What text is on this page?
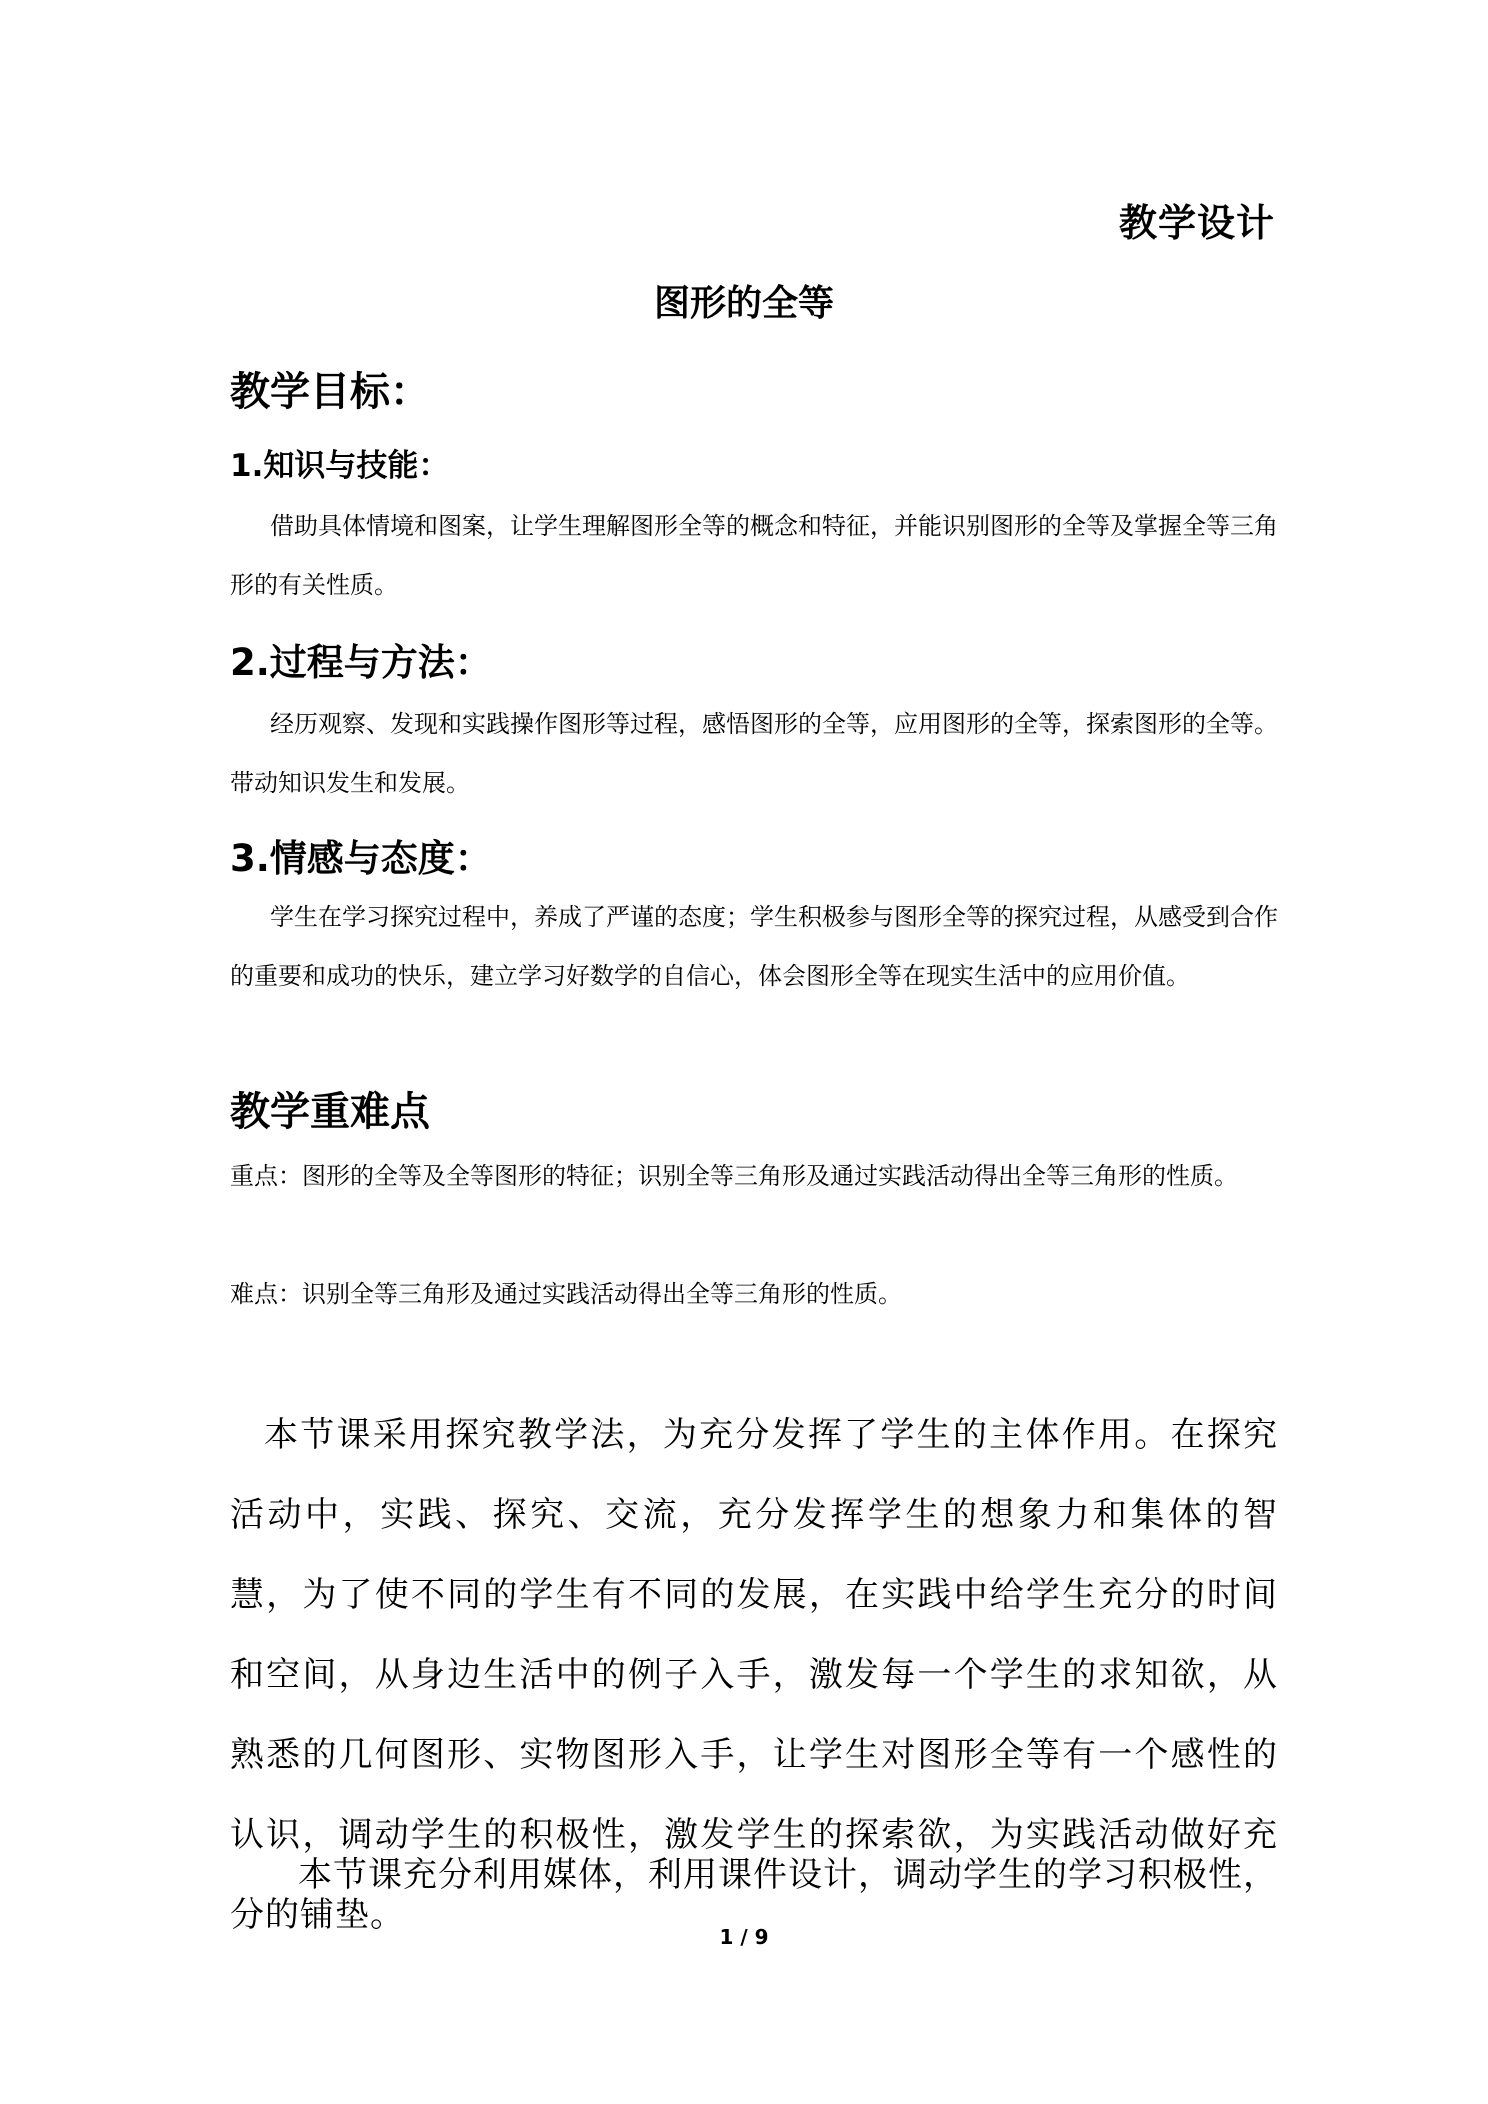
教学设计
图形的全等
教学目标：
1.知识与技能：

借助具体情境和图案，让学生理解图形全等的概念和特征，并能识别图形的全等及掌握全等三角形的有关性质。

2.过程与方法：

经历观察、发现和实践操作图形等过程，感悟图形的全等，应用图形的全等，探索图形的全等。带动知识发生和发展。

3.情感与态度：

学生在学习探究过程中，养成了严谨的态度；学生积极参与图形全等的探究过程，从感受到合作的重要和成功的快乐，建立学习好数学的自信心，体会图形全等在现实生活中的应用价值。

教学重难点

重点：图形的全等及全等图形的特征；识别全等三角形及通过实践活动得出全等三角形的性质。

难点：识别全等三角形及通过实践活动得出全等三角形的性质。

本节课采用探究教学法，为充分发挥了学生的主体作用。在探究活动中，实践、探究、交流，充分发挥学生的想象力和集体的智慧，为了使不同的学生有不同的发展，在实践中给学生充分的时间和空间，从身边生活中的例子入手，激发每一个学生的求知欲，从熟悉的几何图形、实物图形入手，让学生对图形全等有一个感性的认识，调动学生的积极性，激发学生的探索欲，为实践活动做好充分的铺垫。

本节课充分利用媒体，利用课件设计，调动学生的学习积极性，

1 / 9
